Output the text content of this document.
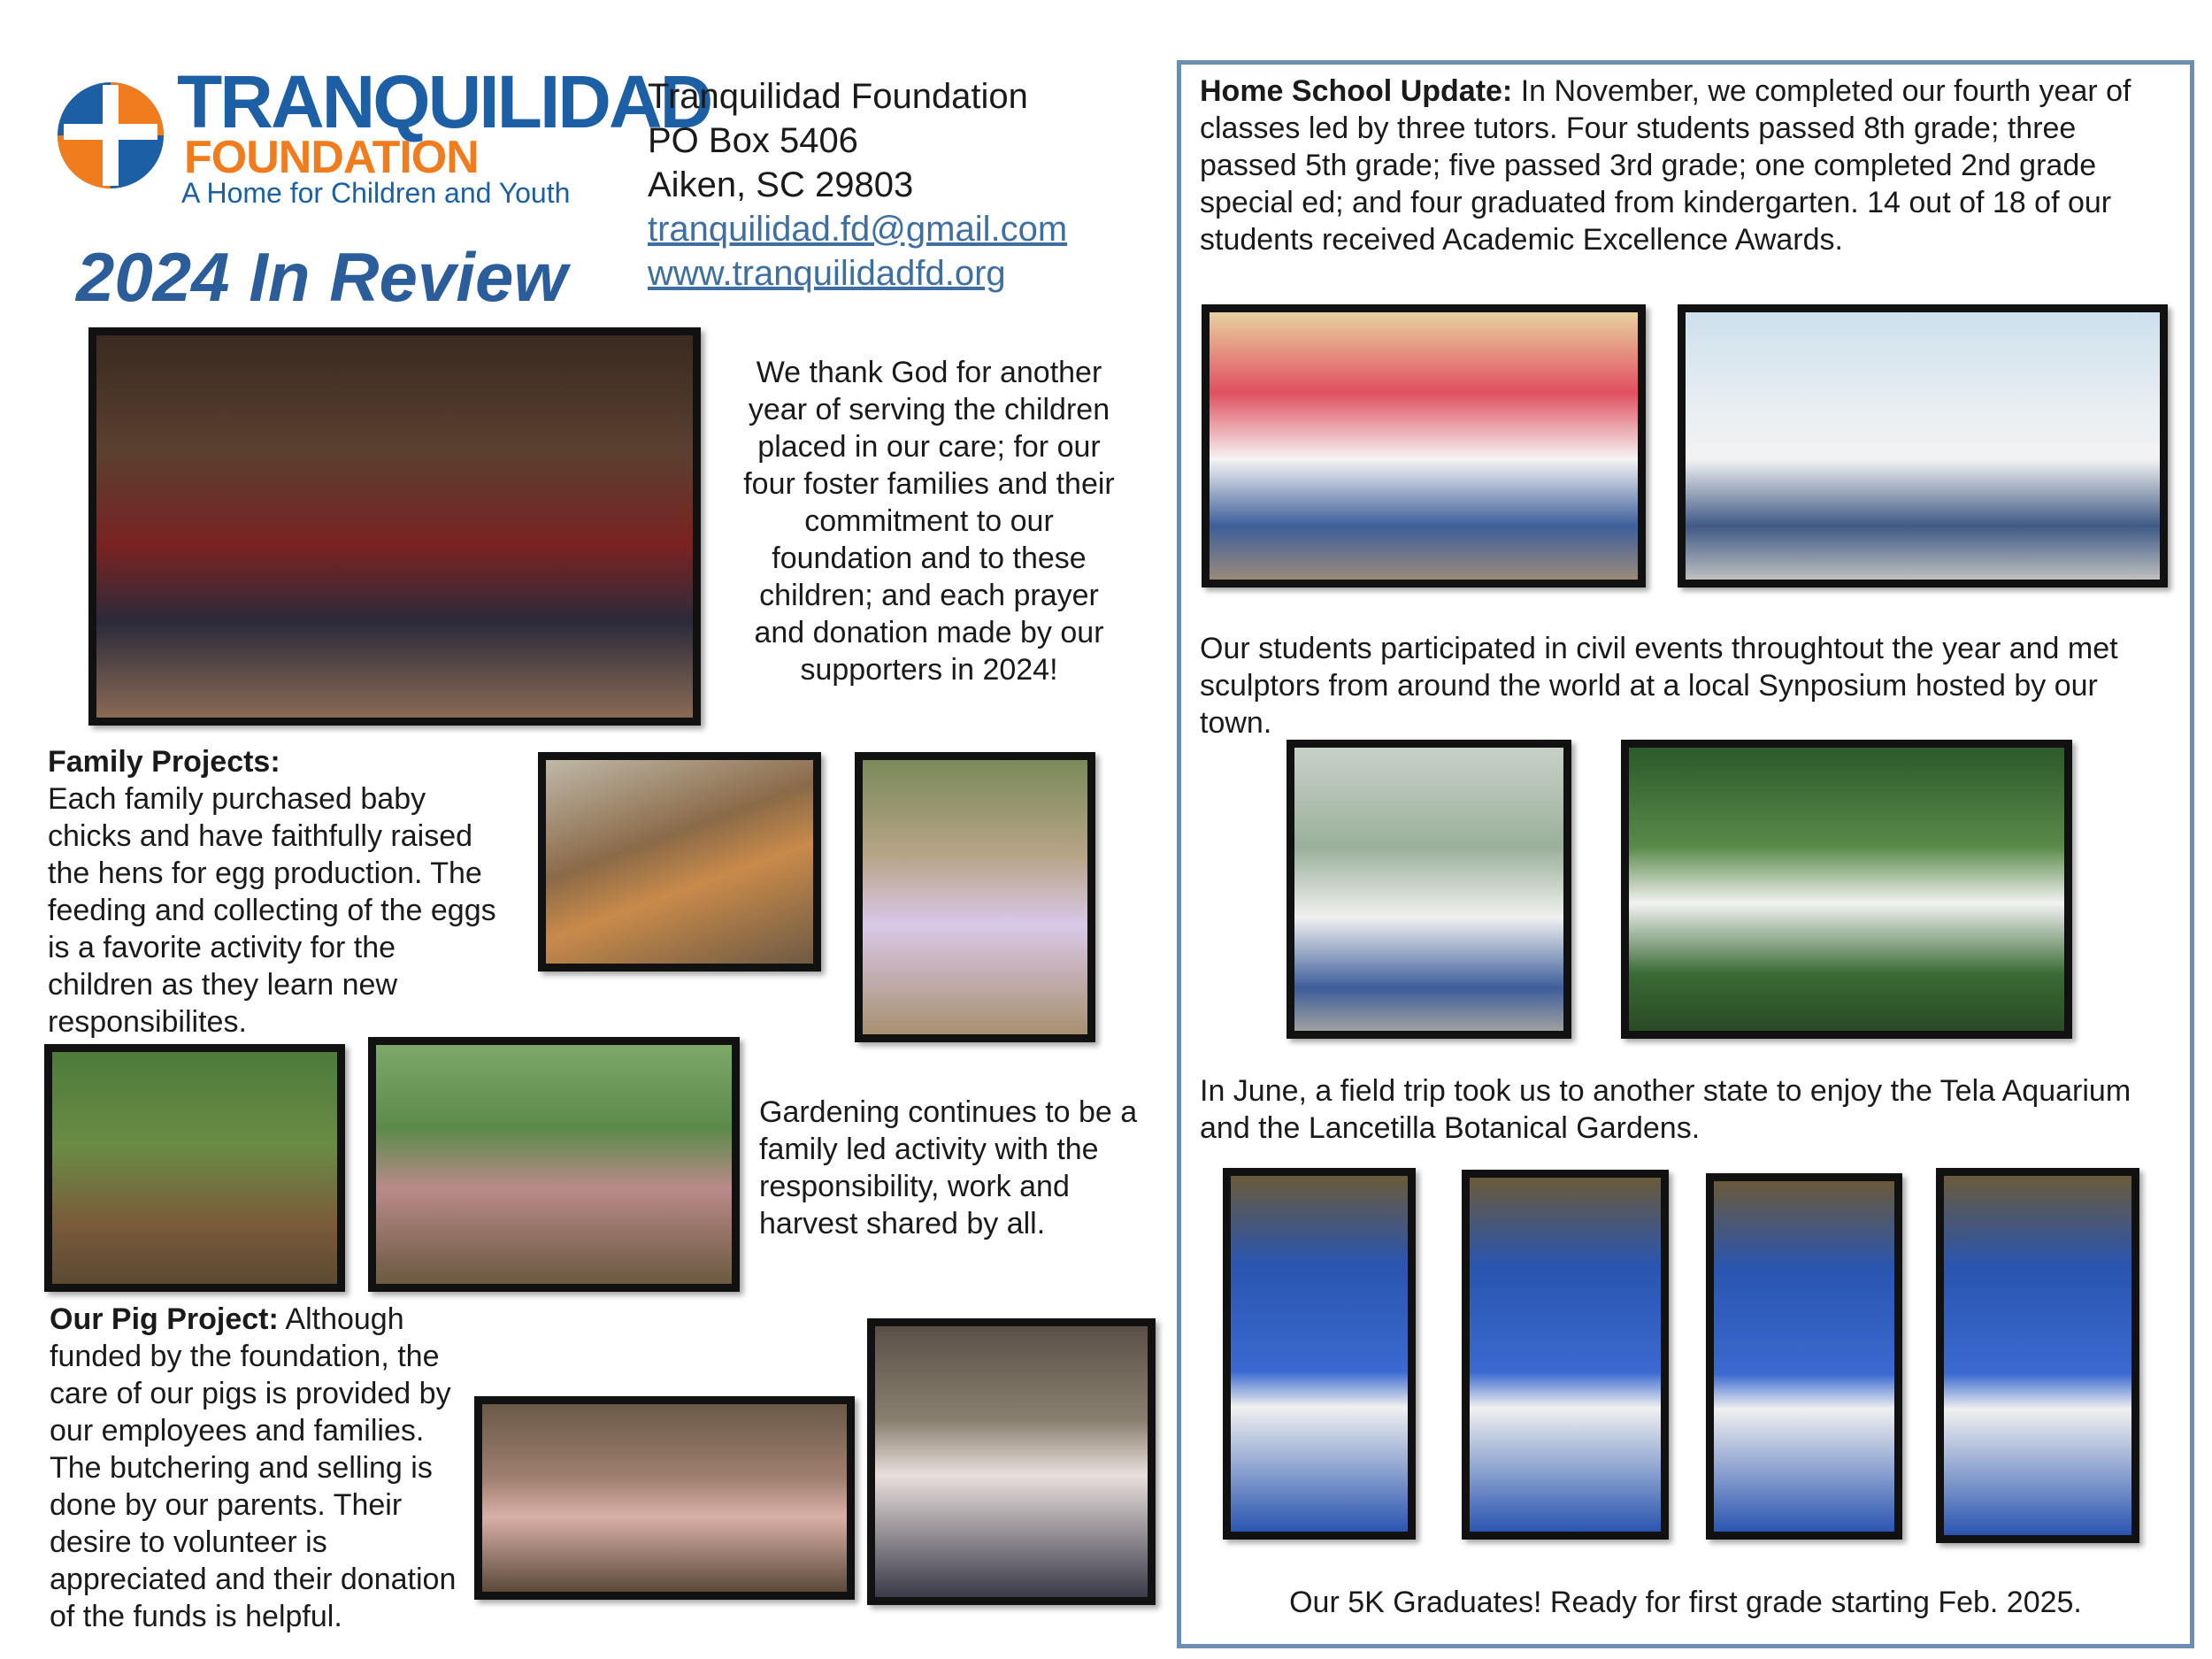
TRANQUILIDAD
FOUNDATION
A Home for Children and Youth
2024 In Review
Tranquilidad Foundation
PO Box 5406
Aiken, SC 29803
tranquilidad.fd@gmail.com
www.tranquilidadfd.org
We thank God for another year of serving the children placed in our care; for our four foster families and their commitment to our foundation and to these children; and each prayer and donation made by our supporters in 2024!
Family Projects:
Each family purchased baby chicks and have faithfully raised the hens for egg production. The feeding and collecting of the eggs is a favorite activity for the children as they learn new responsibilites.
Gardening continues to be a family led activity with the responsibility, work and harvest shared by all.
Our Pig Project: Although funded by the foundation, the care of our pigs is provided by our employees and families. The butchering and selling is done by our parents. Their desire to volunteer is appreciated and their donation of the funds is helpful.
Home School Update: In November, we completed our fourth year of classes led by three tutors. Four students passed 8th grade; three passed 5th grade; five passed 3rd grade; one completed 2nd grade special ed; and four graduated from kindergarten. 14 out of 18 of our students received Academic Excellence Awards.
Our students participated in civil events throughtout the year and met sculptors from around the world at a local Synposium hosted by our town.
In June, a field trip took us to another state to enjoy the Tela Aquarium and the Lancetilla Botanical Gardens.
Our 5K Graduates! Ready for first grade starting Feb. 2025.
